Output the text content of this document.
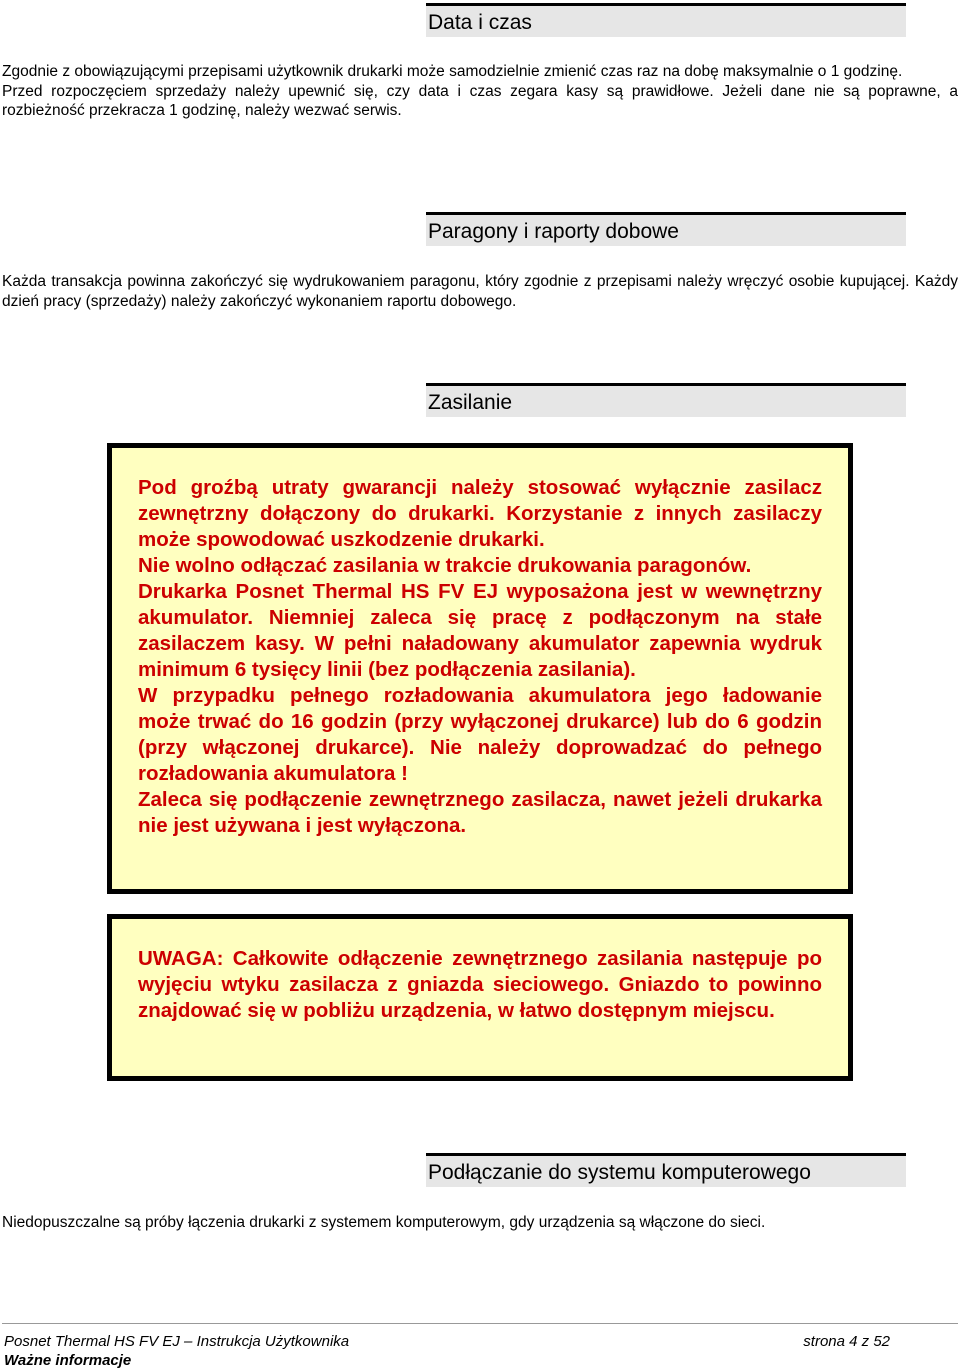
Data i czas

Zgodnie z obowiązującymi przepisami użytkownik drukarki może samodzielnie zmienić czas raz na dobę maksymalnie o 1 godzinę.

Przed rozpoczęciem sprzedaży należy upewnić się, czy data i czas zegara kasy są prawidłowe. Jeżeli dane nie są poprawne, a rozbieżność przekracza 1 godzinę, należy wezwać serwis.

Paragony i raporty dobowe

Każda transakcja powinna zakończyć się wydrukowaniem paragonu, który zgodnie z przepisami należy wręczyć osobie kupującej. Każdy dzień pracy (sprzedaży) należy zakończyć wykonaniem raportu dobowego.

Zasilanie

Pod groźbą utraty gwarancji należy stosować wyłącznie zasilacz zewnętrzny dołączony do drukarki. Korzystanie z innych zasilaczy może spowodować uszkodzenie drukarki.

Nie wolno odłączać zasilania w trakcie drukowania paragonów.

Drukarka Posnet Thermal HS FV EJ wyposażona jest w wewnętrzny akumulator. Niemniej zaleca się pracę z podłączonym na stałe zasilaczem kasy. W pełni naładowany akumulator zapewnia wydruk minimum 6 tysięcy linii (bez podłączenia zasilania).

W przypadku pełnego rozładowania akumulatora jego ładowanie może trwać do 16 godzin (przy wyłączonej drukarce) lub do 6 godzin (przy włączonej drukarce). Nie należy doprowadzać do pełnego rozładowania akumulatora !

Zaleca się podłączenie zewnętrznego zasilacza, nawet jeżeli drukarka nie jest używana i jest wyłączona.

UWAGA: Całkowite odłączenie zewnętrznego zasilania następuje po wyjęciu wtyku zasilacza z gniazda sieciowego. Gniazdo to powinno znajdować się w pobliżu urządzenia, w łatwo dostępnym miejscu.

Podłączanie do systemu komputerowego

Niedopuszczalne są próby łączenia drukarki z systemem komputerowym, gdy urządzenia są włączone do sieci.

Posnet Thermal HS FV EJ – Instrukcja Użytkownika	strona 4 z 52
Ważne informacje
